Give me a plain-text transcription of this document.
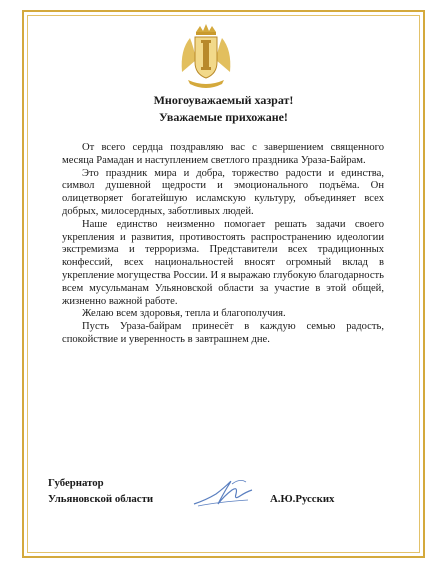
Многоуважаемый хазрат!
Уважаемые прихожане!

От всего сердца поздравляю вас с завершением священного месяца Рамадан и наступлением светлого праздника Ураза-Байрам.

Это праздник мира и добра, торжество радости и единства, символ душевной щедрости и эмоционального подъёма. Он олицетворяет богатейшую исламскую культуру, объединяет всех добрых, милосердных, заботливых людей.

Наше единство неизменно помогает решать задачи своего укрепления и развития, противостоять распространению идеологии экстремизма и терроризма. Представители всех традиционных конфессий, всех национальностей вносят огромный вклад в укрепление могущества России. И я выражаю глубокую благодарность всем мусульманам Ульяновской области за участие в этой общей, жизненно важной работе.

Желаю всем здоровья, тепла и благополучия.

Пусть Ураза-байрам принесёт в каждую семью радость, спокойствие и уверенность в завтрашнем дне.

Губернатор
Ульяновской области	А.Ю.Русских
